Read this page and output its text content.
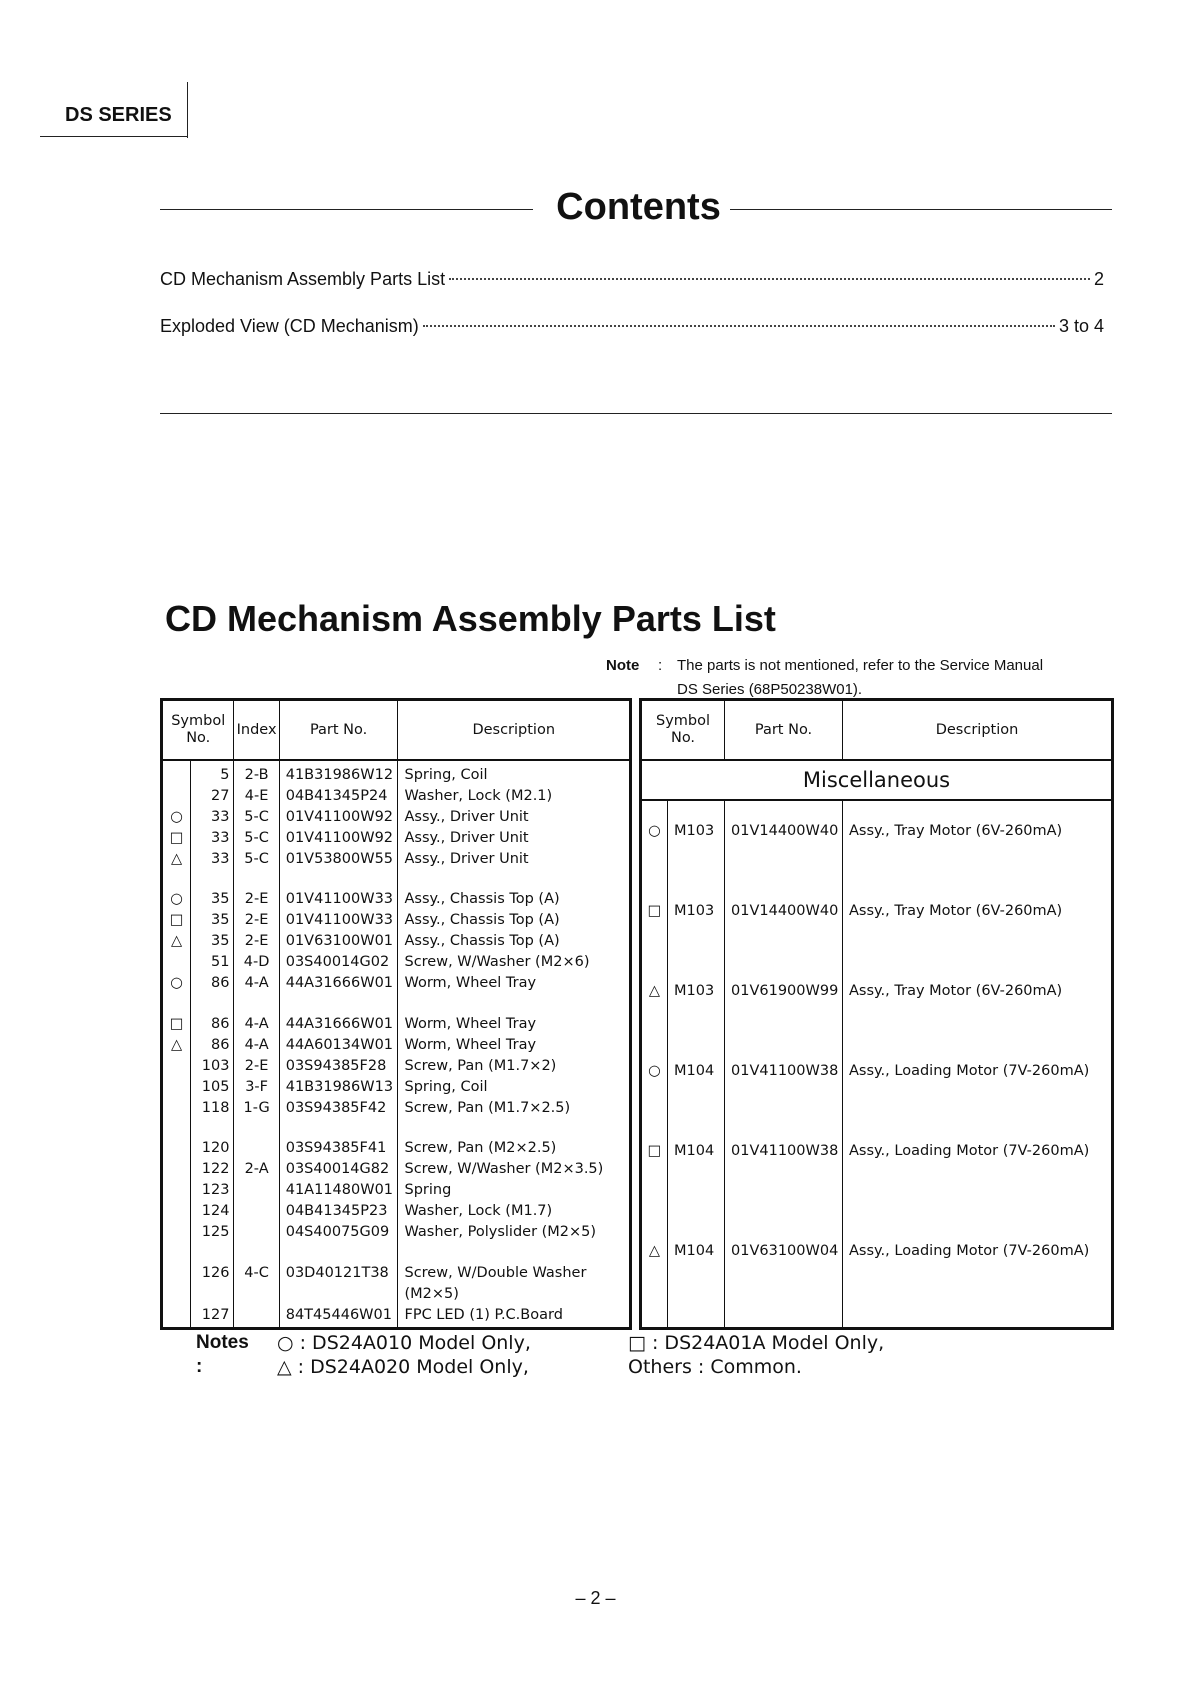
DS SERIES
Contents
CD Mechanism Assembly Parts List	2
Exploded View (CD Mechanism)	3 to 4
CD Mechanism Assembly Parts List
Note : The parts is not mentioned, refer to the Service Manual
DS Series (68P50238W01).
Symbol No.		Index	Part No.	Description

	5	2-B	41B31986W12	Spring, Coil
	27	4-E	04B41345P24	Washer, Lock (M2.1)
○	33	5-C	01V41100W92	Assy., Driver Unit
□	33	5-C	01V41100W92	Assy., Driver Unit
△	33	5-C	01V53800W55	Assy., Driver Unit

○	35	2-E	01V41100W33	Assy., Chassis Top (A)
□	35	2-E	01V41100W33	Assy., Chassis Top (A)
△	35	2-E	01V63100W01	Assy., Chassis Top (A)
	51	4-D	03S40014G02	Screw, W/Washer (M2×6)
○	86	4-A	44A31666W01	Worm, Wheel Tray

□	86	4-A	44A31666W01	Worm, Wheel Tray
△	86	4-A	44A60134W01	Worm, Wheel Tray
	103	2-E	03S94385F28	Screw, Pan (M1.7×2)
	105	3-F	41B31986W13	Spring, Coil
	118	1-G	03S94385F42	Screw, Pan (M1.7×2.5)

	120		03S94385F41	Screw, Pan (M2×2.5)
	122	2-A	03S40014G82	Screw, W/Washer (M2×3.5)
	123		41A11480W01	Spring
	124		04B41345P23	Washer, Lock (M1.7)
	125		04S40075G09	Washer, Polyslider (M2×5)

	126	4-C	03D40121T38	Screw, W/Double Washer
				(M2×5)
	127		84T45446W01	FPC LED (1) P.C.Board

Symbol No.		Part No.	Description
Miscellaneous			

○	M103	01V14400W40	Assy., Tray Motor (6V-260mA)
□	M103	01V14400W40	Assy., Tray Motor (6V-260mA)
△	M103	01V61900W99	Assy., Tray Motor (6V-260mA)
○	M104	01V41100W38	Assy., Loading Motor (7V-260mA)
□	M104	01V41100W38	Assy., Loading Motor (7V-260mA)

△	M104	01V63100W04	Assy., Loading Motor (7V-260mA)

Notes :
○ : DS24A010 Model Only,
△ : DS24A020 Model Only,
□ : DS24A01A Model Only,
Others : Common.
– 2 –
